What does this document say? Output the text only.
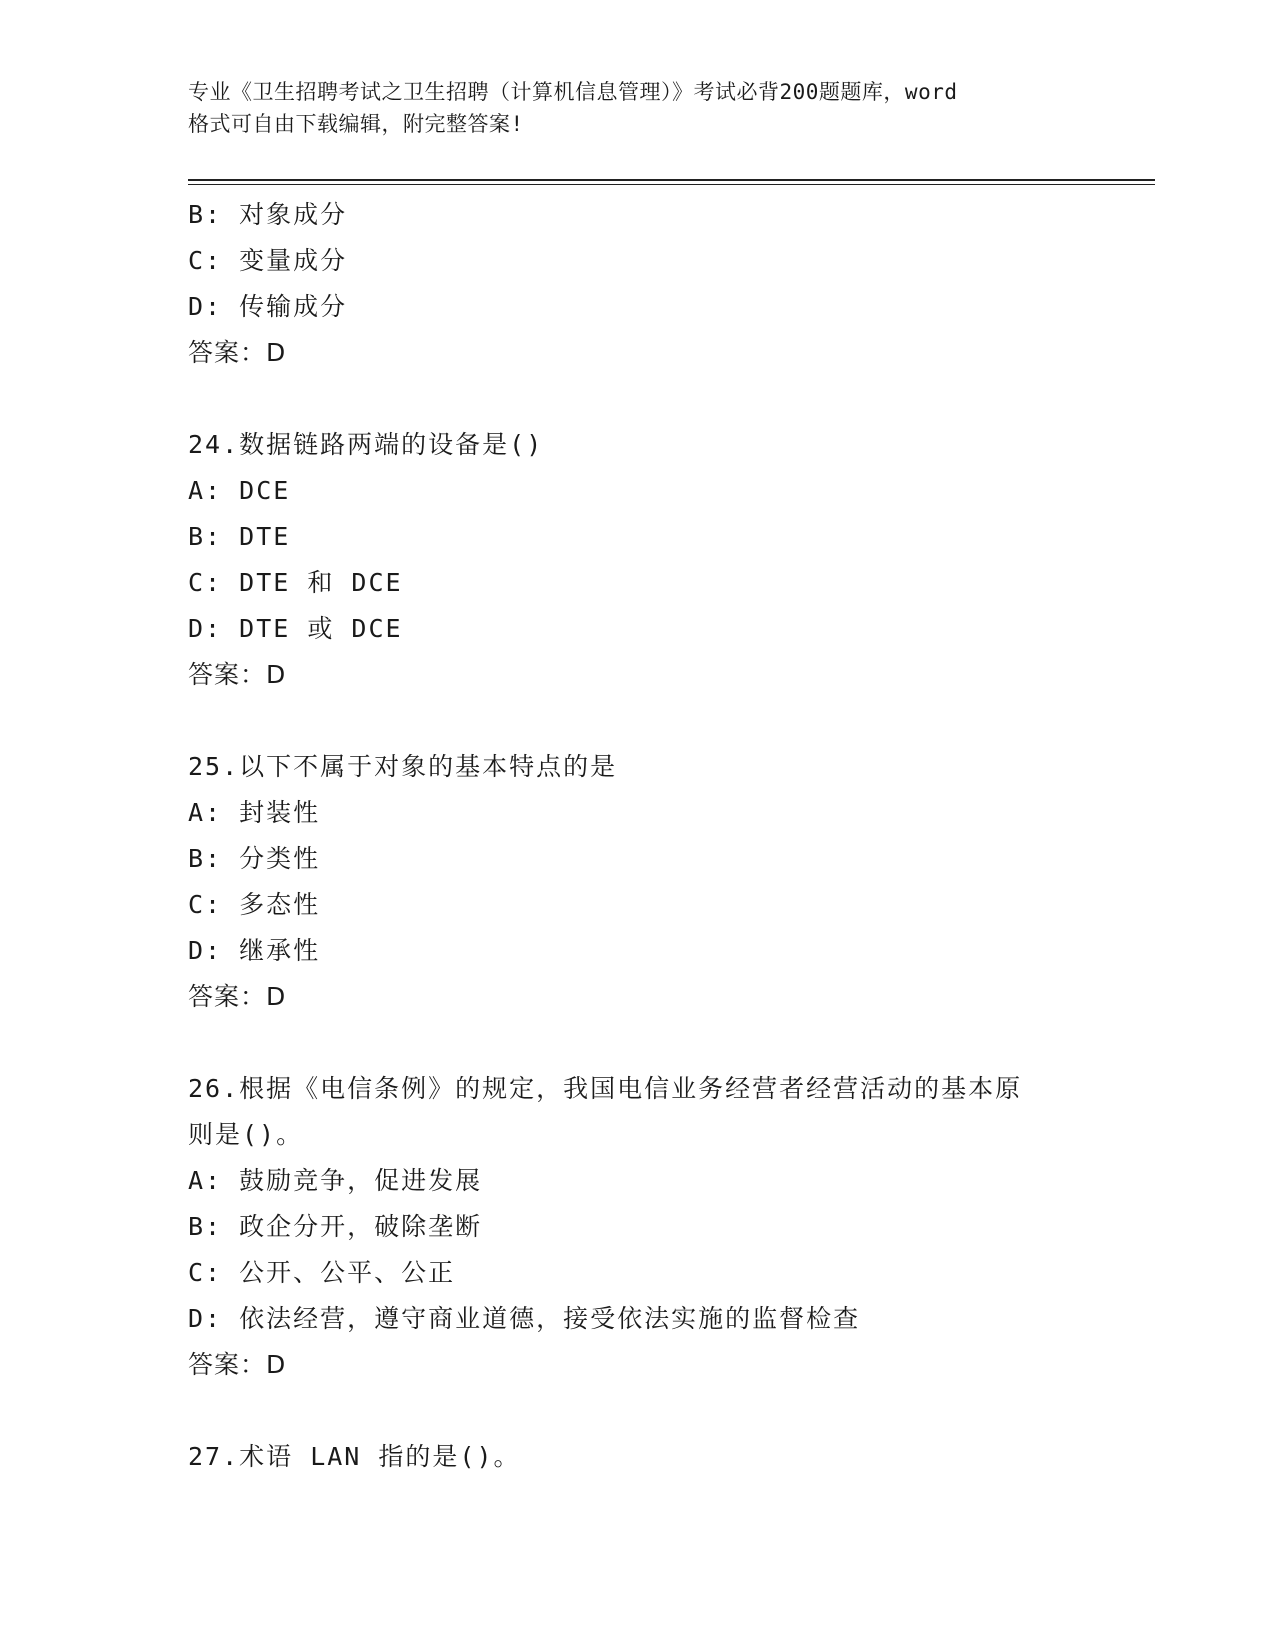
专业《卫生招聘考试之卫生招聘（计算机信息管理）》考试必背200题题库，word
格式可自由下载编辑，附完整答案!
B: 对象成分
C: 变量成分
D: 传输成分
答案：D
24.数据链路两端的设备是()
A: DCE
B: DTE
C: DTE 和 DCE
D: DTE 或 DCE
答案：D
25.以下不属于对象的基本特点的是
A: 封装性
B: 分类性
C: 多态性
D: 继承性
答案：D
26.根据《电信条例》的规定，我国电信业务经营者经营活动的基本原
则是()。
A: 鼓励竞争，促进发展
B: 政企分开，破除垄断
C: 公开、公平、公正
D: 依法经营，遵守商业道德，接受依法实施的监督检查
答案：D
27.术语 LAN 指的是()。
